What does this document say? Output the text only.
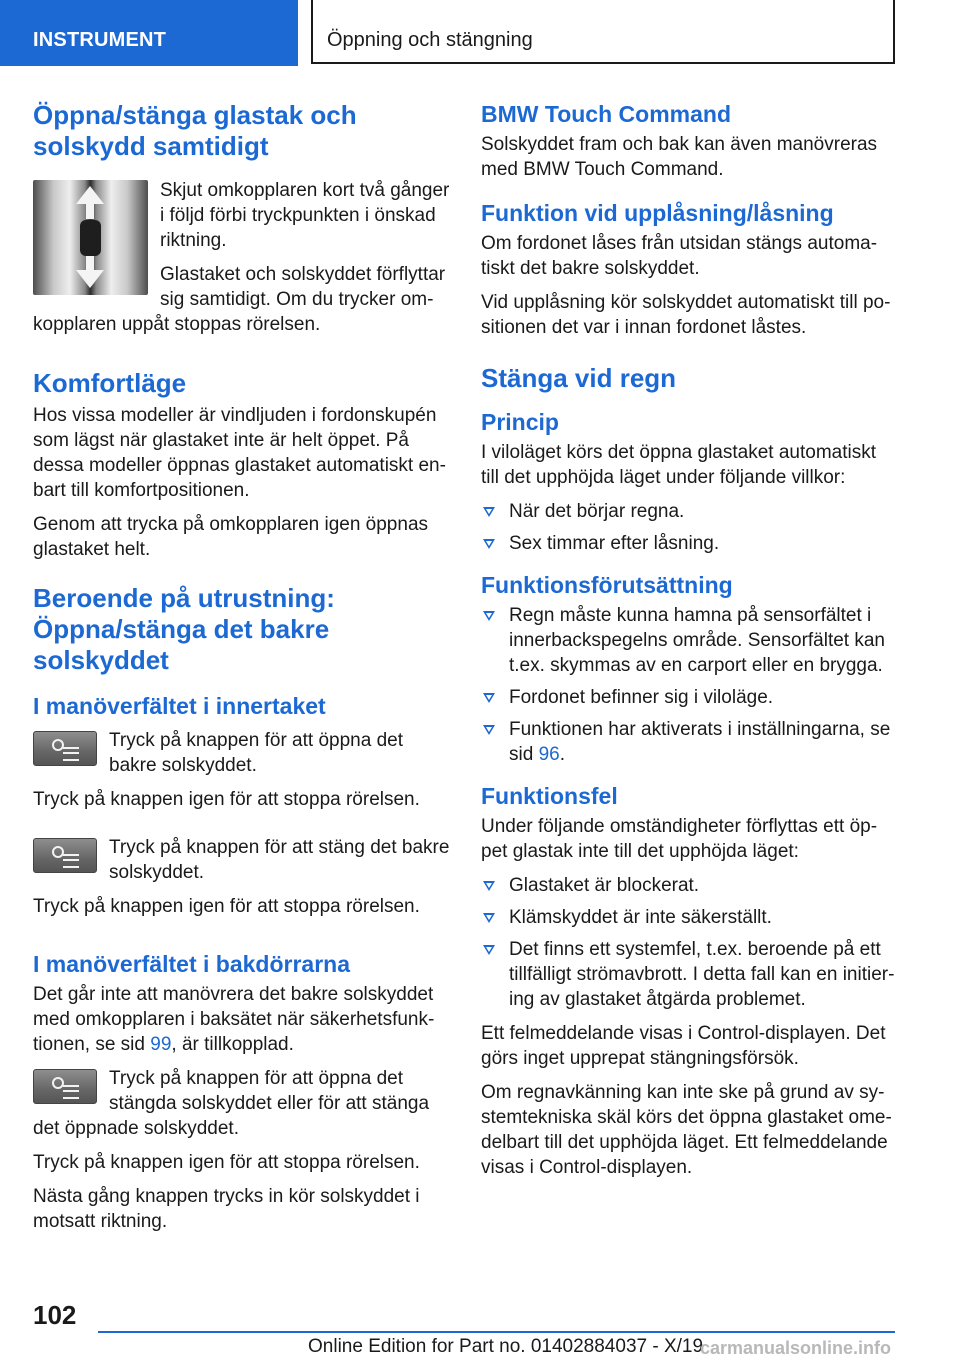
INSTRUMENT	Öppning och stängning
Öppna/stänga glastak och solskydd samtidigt

Skjut omkopplaren kort två gånger i följd förbi tryckpunkten i önskad riktning.

Glastaket och solskyddet förflyttar sig samtidigt. Om du trycker omkopplaren uppåt stoppas rörelsen.

Komfortläge

Hos vissa modeller är vindljuden i fordonskupén som lägst när glastaket inte är helt öppet. På dessa modeller öppnas glastaket automatiskt enbart till komfortpositionen.

Genom att trycka på omkopplaren igen öppnas glastaket helt.

Beroende på utrustning: Öppna/stänga det bakre solskyddet
I manöverfältet i innertaket

Tryck på knappen för att öppna det bakre solskyddet.

Tryck på knappen igen för att stoppa rörelsen.

Tryck på knappen för att stäng det bakre solskyddet.

Tryck på knappen igen för att stoppa rörelsen.

I manöverfältet i bakdörrarna

Det går inte att manövrera det bakre solskyddet med omkopplaren i baksätet när säkerhetsfunktionen, se sid 99, är tillkopplad.

Tryck på knappen för att öppna det stängda solskyddet eller för att stänga det öppnade solskyddet.

Tryck på knappen igen för att stoppa rörelsen.

Nästa gång knappen trycks in kör solskyddet i motsatt riktning.

BMW Touch Command

Solskyddet fram och bak kan även manövreras med BMW Touch Command.

Funktion vid upplåsning/låsning

Om fordonet låses från utsidan stängs automatiskt det bakre solskyddet.

Vid upplåsning kör solskyddet automatiskt till positionen det var i innan fordonet låstes.

Stänga vid regn
Princip

I viloläget körs det öppna glastaket automatiskt till det upphöjda läget under följande villkor:

När det börjar regna.
Sex timmar efter låsning.
Funktionsförutsättning
Regn måste kunna hamna på sensorfältet i innerbackspegelns område. Sensorfältet kan t.ex. skymmas av en carport eller en brygga.
Fordonet befinner sig i viloläge.
Funktionen har aktiverats i inställningarna, se sid 96.
Funktionsfel

Under följande omständigheter förflyttas ett öppet glastak inte till det upphöjda läget:

Glastaket är blockerat.
Klämskyddet är inte säkerställt.
Det finns ett systemfel, t.ex. beroende på ett tillfälligt strömavbrott. I detta fall kan en initiering av glastaket åtgärda problemet.

Ett felmeddelande visas i Control-displayen. Det görs inget upprepat stängningsförsök.

Om regnavkänning kan inte ske på grund av systemtekniska skäl körs det öppna glastaket omedelbart till det upphöjda läget. Ett felmeddelande visas i Control-displayen.

102
Online Edition for Part no. 01402884037 - X/19
carmanualsonline.info
